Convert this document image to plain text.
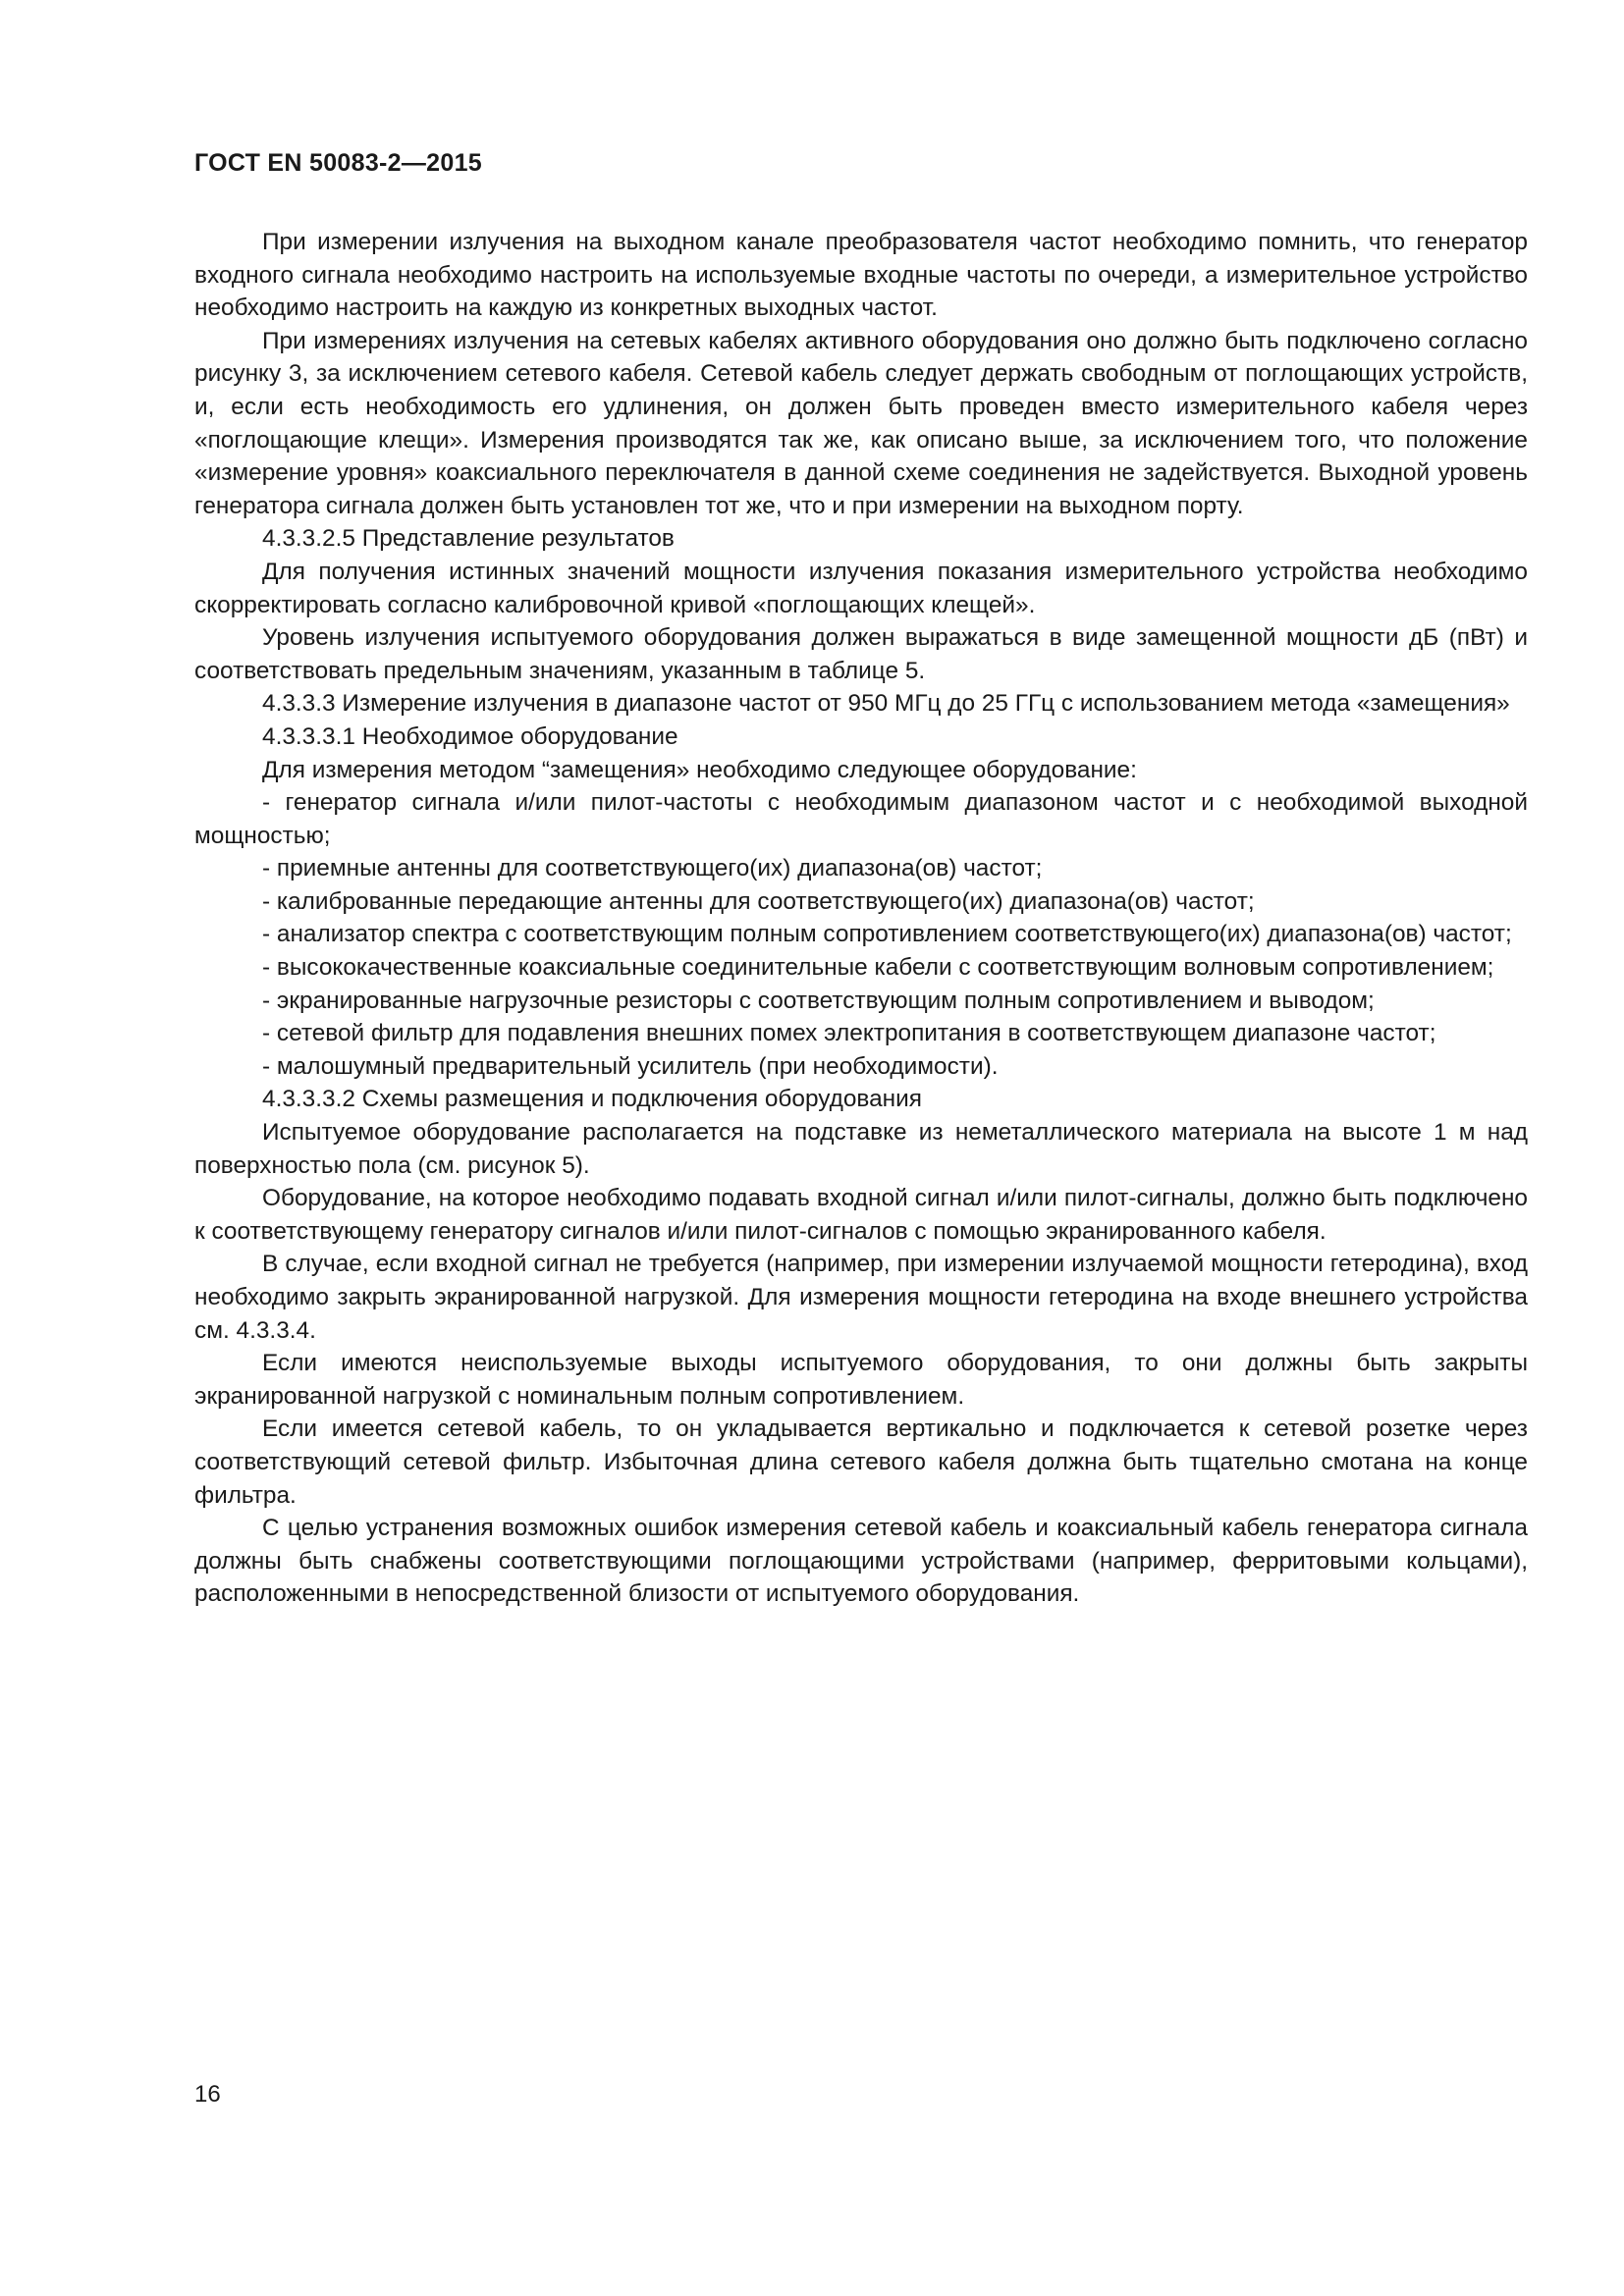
ГОСТ EN 50083-2—2015

При измерении излучения на выходном канале преобразователя частот необходимо помнить, что генератор входного сигнала необходимо настроить на используемые входные частоты по очереди, а измерительное устройство необходимо настроить на каждую из конкретных выходных частот.

При измерениях излучения на сетевых кабелях активного оборудования оно должно быть подключено согласно рисунку 3, за исключением сетевого кабеля. Сетевой кабель следует держать свободным от поглощающих устройств, и, если есть необходимость его удлинения, он должен быть проведен вместо измерительного кабеля через «поглощающие клещи». Измерения производятся так же, как описано выше, за исключением того, что положение «измерение уровня» коаксиального переключателя в данной схеме соединения не задействуется. Выходной уровень генератора сигнала должен быть установлен тот же, что и при измерении на выходном порту.

4.3.3.2.5 Представление результатов

Для получения истинных значений мощности излучения показания измерительного устройства необходимо скорректировать согласно калибровочной кривой «поглощающих клещей».

Уровень излучения испытуемого оборудования должен выражаться в виде замещенной мощности дБ (пВт) и соответствовать предельным значениям, указанным в таблице 5.

4.3.3.3 Измерение излучения в диапазоне частот от 950 МГц до 25 ГГц с использованием метода «замещения»

4.3.3.3.1 Необходимое оборудование

Для измерения методом “замещения» необходимо следующее оборудование:

- генератор сигнала и/или пилот-частоты с необходимым диапазоном частот и с необходимой выходной мощностью;

- приемные антенны для соответствующего(их) диапазона(ов) частот;

- калиброванные передающие антенны для соответствующего(их) диапазона(ов) частот;

- анализатор спектра с соответствующим полным сопротивлением соответствующего(их) диапазона(ов) частот;

- высококачественные коаксиальные соединительные кабели с соответствующим волновым сопротивлением;

- экранированные нагрузочные резисторы с соответствующим полным сопротивлением и выводом;

- сетевой фильтр для подавления внешних помех электропитания в соответствующем диапазоне частот;

- малошумный предварительный усилитель (при необходимости).

4.3.3.3.2 Схемы размещения и подключения оборудования

Испытуемое оборудование располагается на подставке из неметаллического материала на высоте 1 м над поверхностью пола (см. рисунок 5).

Оборудование, на которое необходимо подавать входной сигнал и/или пилот-сигналы, должно быть подключено к соответствующему генератору сигналов и/или пилот-сигналов с помощью экранированного кабеля.

В случае, если входной сигнал не требуется (например, при измерении излучаемой мощности гетеродина), вход необходимо закрыть экранированной нагрузкой. Для измерения мощности гетеродина на входе внешнего устройства см. 4.3.3.4.

Если имеются неиспользуемые выходы испытуемого оборудования, то они должны быть закрыты экранированной нагрузкой с номинальным полным сопротивлением.

Если имеется сетевой кабель, то он укладывается вертикально и подключается к сетевой розетке через соответствующий сетевой фильтр. Избыточная длина сетевого кабеля должна быть тщательно смотана на конце фильтра.

С целью устранения возможных ошибок измерения сетевой кабель и коаксиальный кабель генератора сигнала должны быть снабжены соответствующими поглощающими устройствами (например, ферритовыми кольцами), расположенными в непосредственной близости от испытуемого оборудования.

16
